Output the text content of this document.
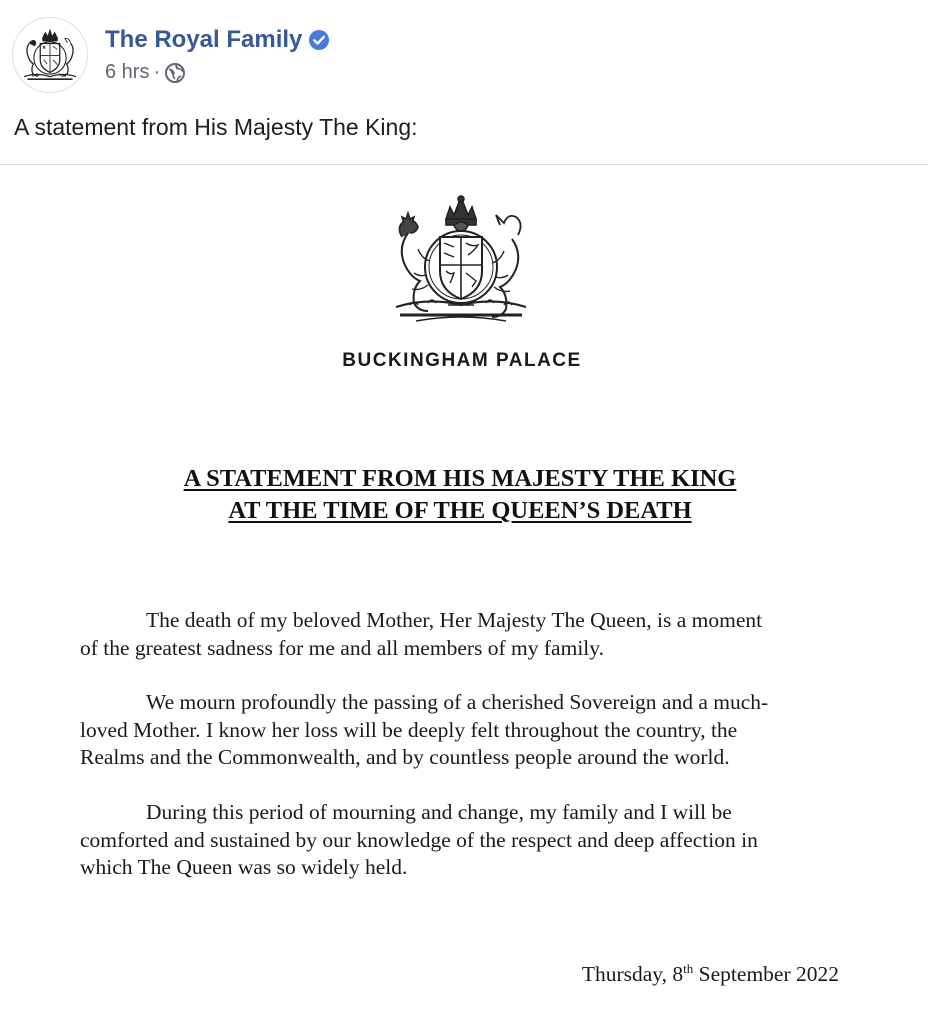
The Royal Family
6 hrs ·
A statement from His Majesty The King:
BUCKINGHAM PALACE
A STATEMENT FROM HIS MAJESTY THE KING
AT THE TIME OF THE QUEEN’S DEATH
The death of my beloved Mother, Her Majesty The Queen, is a moment
of the greatest sadness for me and all members of my family.
We mourn profoundly the passing of a cherished Sovereign and a much-
loved Mother. I know her loss will be deeply felt throughout the country, the
Realms and the Commonwealth, and by countless people around the world.
During this period of mourning and change, my family and I will be
comforted and sustained by our knowledge of the respect and deep affection in
which The Queen was so widely held.
Thursday, 8th September 2022
